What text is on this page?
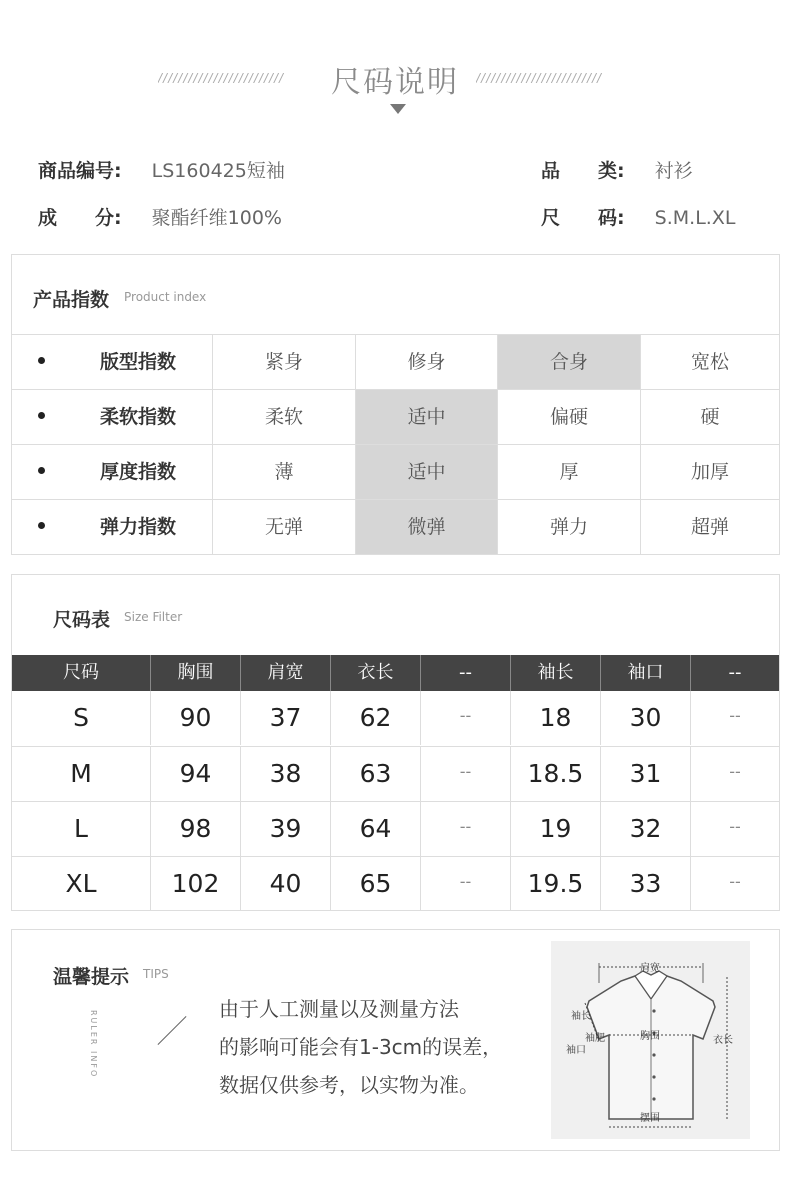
/////////////////////////	尺码说明	/////////////////////////
商品编号: LS160425短袖	品　　类: 衬衫
成　　分: 聚酯纤维100%	尺　　码: S.M.L.XL
产品指数 Product index
版型指数	紧身	修身	合身	宽松
柔软指数	柔软	适中	偏硬	硬
厚度指数	薄	适中	厚	加厚
弹力指数	无弹	微弹	弹力	超弹
尺码表 Size Filter
尺码	胸围	肩宽	衣长	--	袖长	袖口	--
S	90	37	62	--	18	30	--
M	94	38	63	--	18.5	31	--
L	98	39	64	--	19	32	--
XL	102	40	65	--	19.5	33	--
温馨提示 TIPS
RULER INFO
由于人工测量以及测量方法
的影响可能会有1-3cm的误差，
数据仅供参考，以实物为准。
肩宽
袖长
袖肥	胸围
袖口
衣长
摆围
